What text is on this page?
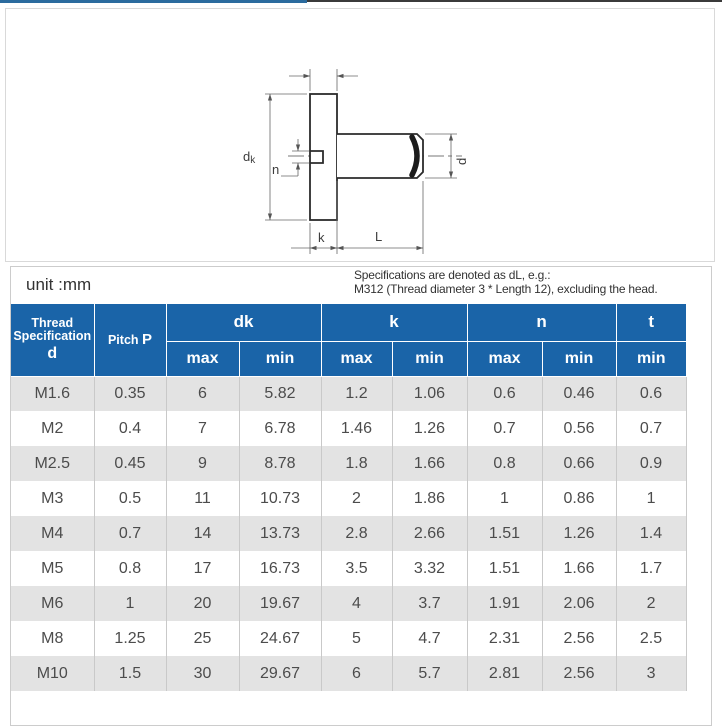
dk
n
d
k	L
unit :mm	Specifications are denoted as dL, e.g.:
M312 (Thread diameter 3 * Length 12), excluding the head.
Thread
Specification
d	Pitch P	dk		k		n		t
		max	min	max	min	max	min	min
M1.6	0.35	6	5.82	1.2	1.06	0.6	0.46	0.6
M2	0.4	7	6.78	1.46	1.26	0.7	0.56	0.7
M2.5	0.45	9	8.78	1.8	1.66	0.8	0.66	0.9
M3	0.5	11	10.73	2	1.86	1	0.86	1
M4	0.7	14	13.73	2.8	2.66	1.51	1.26	1.4
M5	0.8	17	16.73	3.5	3.32	1.51	1.66	1.7
M6	1	20	19.67	4	3.7	1.91	2.06	2
M8	1.25	25	24.67	5	4.7	2.31	2.56	2.5
M10	1.5	30	29.67	6	5.7	2.81	2.56	3
